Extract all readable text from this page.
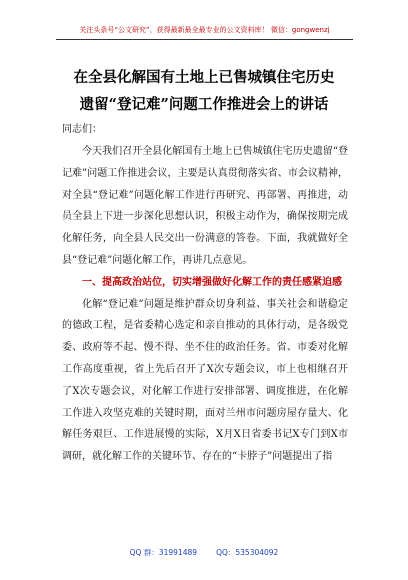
关注头条号“公文研究”，获得最新最全最专业的公文资料库！ 微信：gongwenzj
在全县化解国有土地上已售城镇住宅历史
遗留“登记难”问题工作推进会上的讲话
同志们：

今天我们召开全县化解国有土地上已售城镇住宅历史遗留“登记难”问题工作推进会议，主要是认真贯彻落实省、市会议精神，对全县“登记难”问题化解工作进行再研究、再部署、再推进，动员全县上下进一步深化思想认识，积极主动作为，确保按期完成化解任务，向全县人民交出一份满意的答卷。下面，我就做好全县“登记难”问题化解工作，再讲几点意见。

一、提高政治站位，切实增强做好化解工作的责任感紧迫感

化解“登记难”问题是维护群众切身利益、事关社会和谐稳定的德政工程，是省委精心选定和亲自推动的具体行动，是各级党委、政府等不起、慢不得、坐不住的政治任务。省、市委对化解工作高度重视，省上先后召开了X次专题会议，市上也相继召开了X次专题会议，对化解工作进行安排部署、调度推进，在化解工作进入攻坚克难的关键时期，面对兰州市问题房屋存量大、化解任务艰巨、工作进展慢的实际，X月X日省委书记X专门到X市调研，就化解工作的关键环节、存在的“卡脖子”问题提出了指

QQ 群：31991489        QQ：535304092
